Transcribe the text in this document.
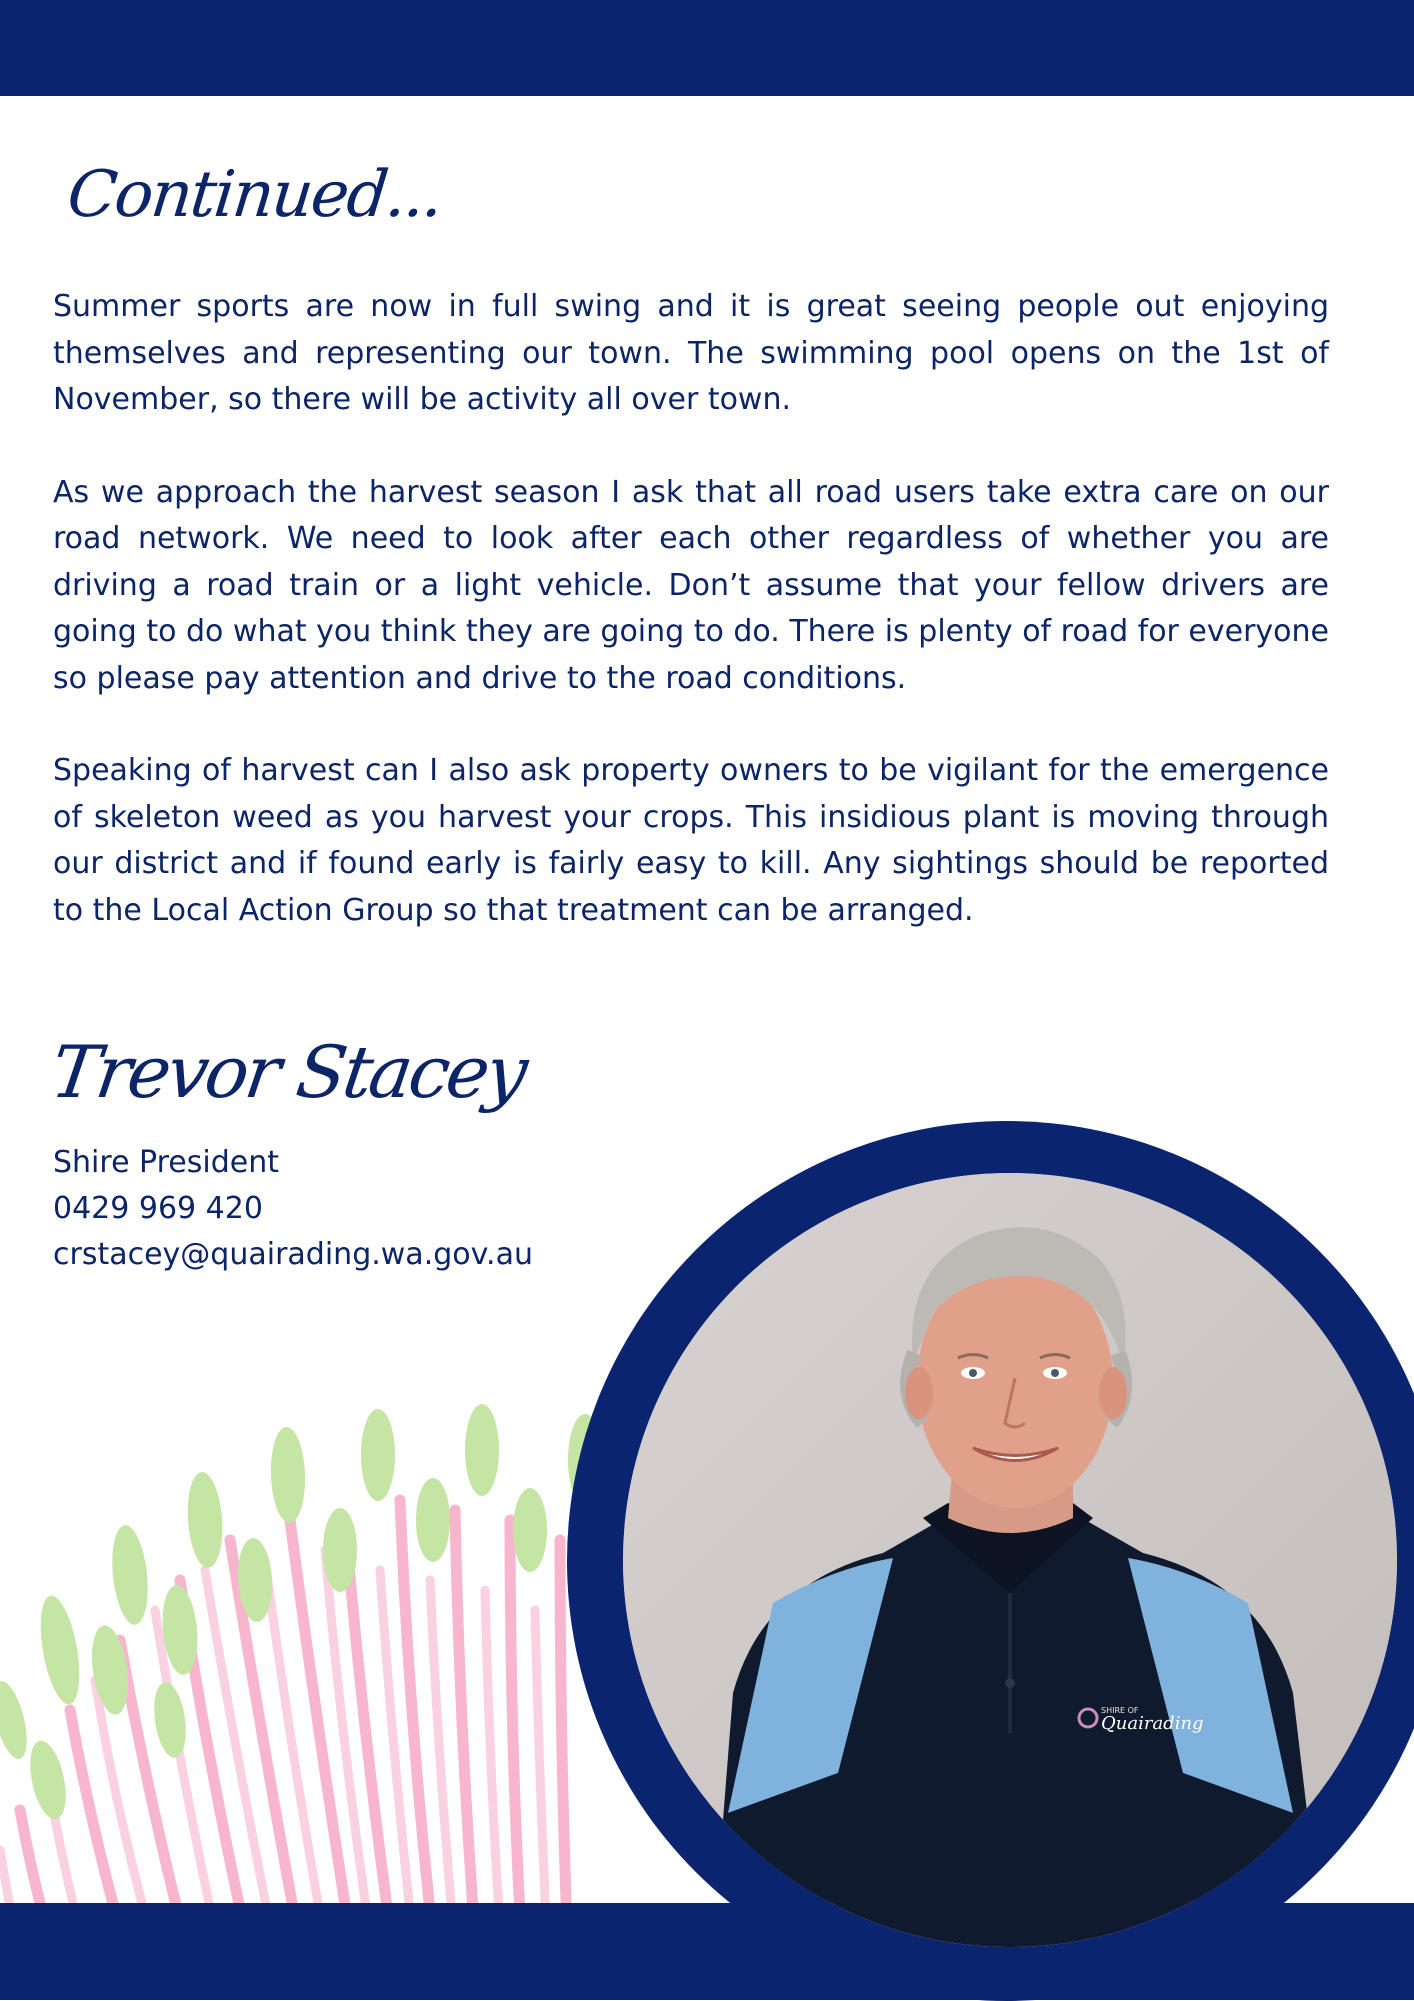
Continued...

Summer sports are now in full swing and it is great seeing people out enjoying themselves and representing our town. The swimming pool opens on the 1st of November, so there will be activity all over town.

As we approach the harvest season I ask that all road users take extra care on our road network. We need to look after each other regardless of whether you are driving a road train or a light vehicle. Don’t assume that your fellow drivers are going to do what you think they are going to do. There is plenty of road for everyone so please pay attention and drive to the road conditions.

Speaking of harvest can I also ask property owners to be vigilant for the emergence of skeleton weed as you harvest your crops. This insidious plant is moving through our district and if found early is fairly easy to kill. Any sightings should be reported to the Local Action Group so that treatment can be arranged.

Trevor Stacey
Shire President
0429 969 420
crstacey@quairading.wa.gov.au
SHIRE OF
Quairading
